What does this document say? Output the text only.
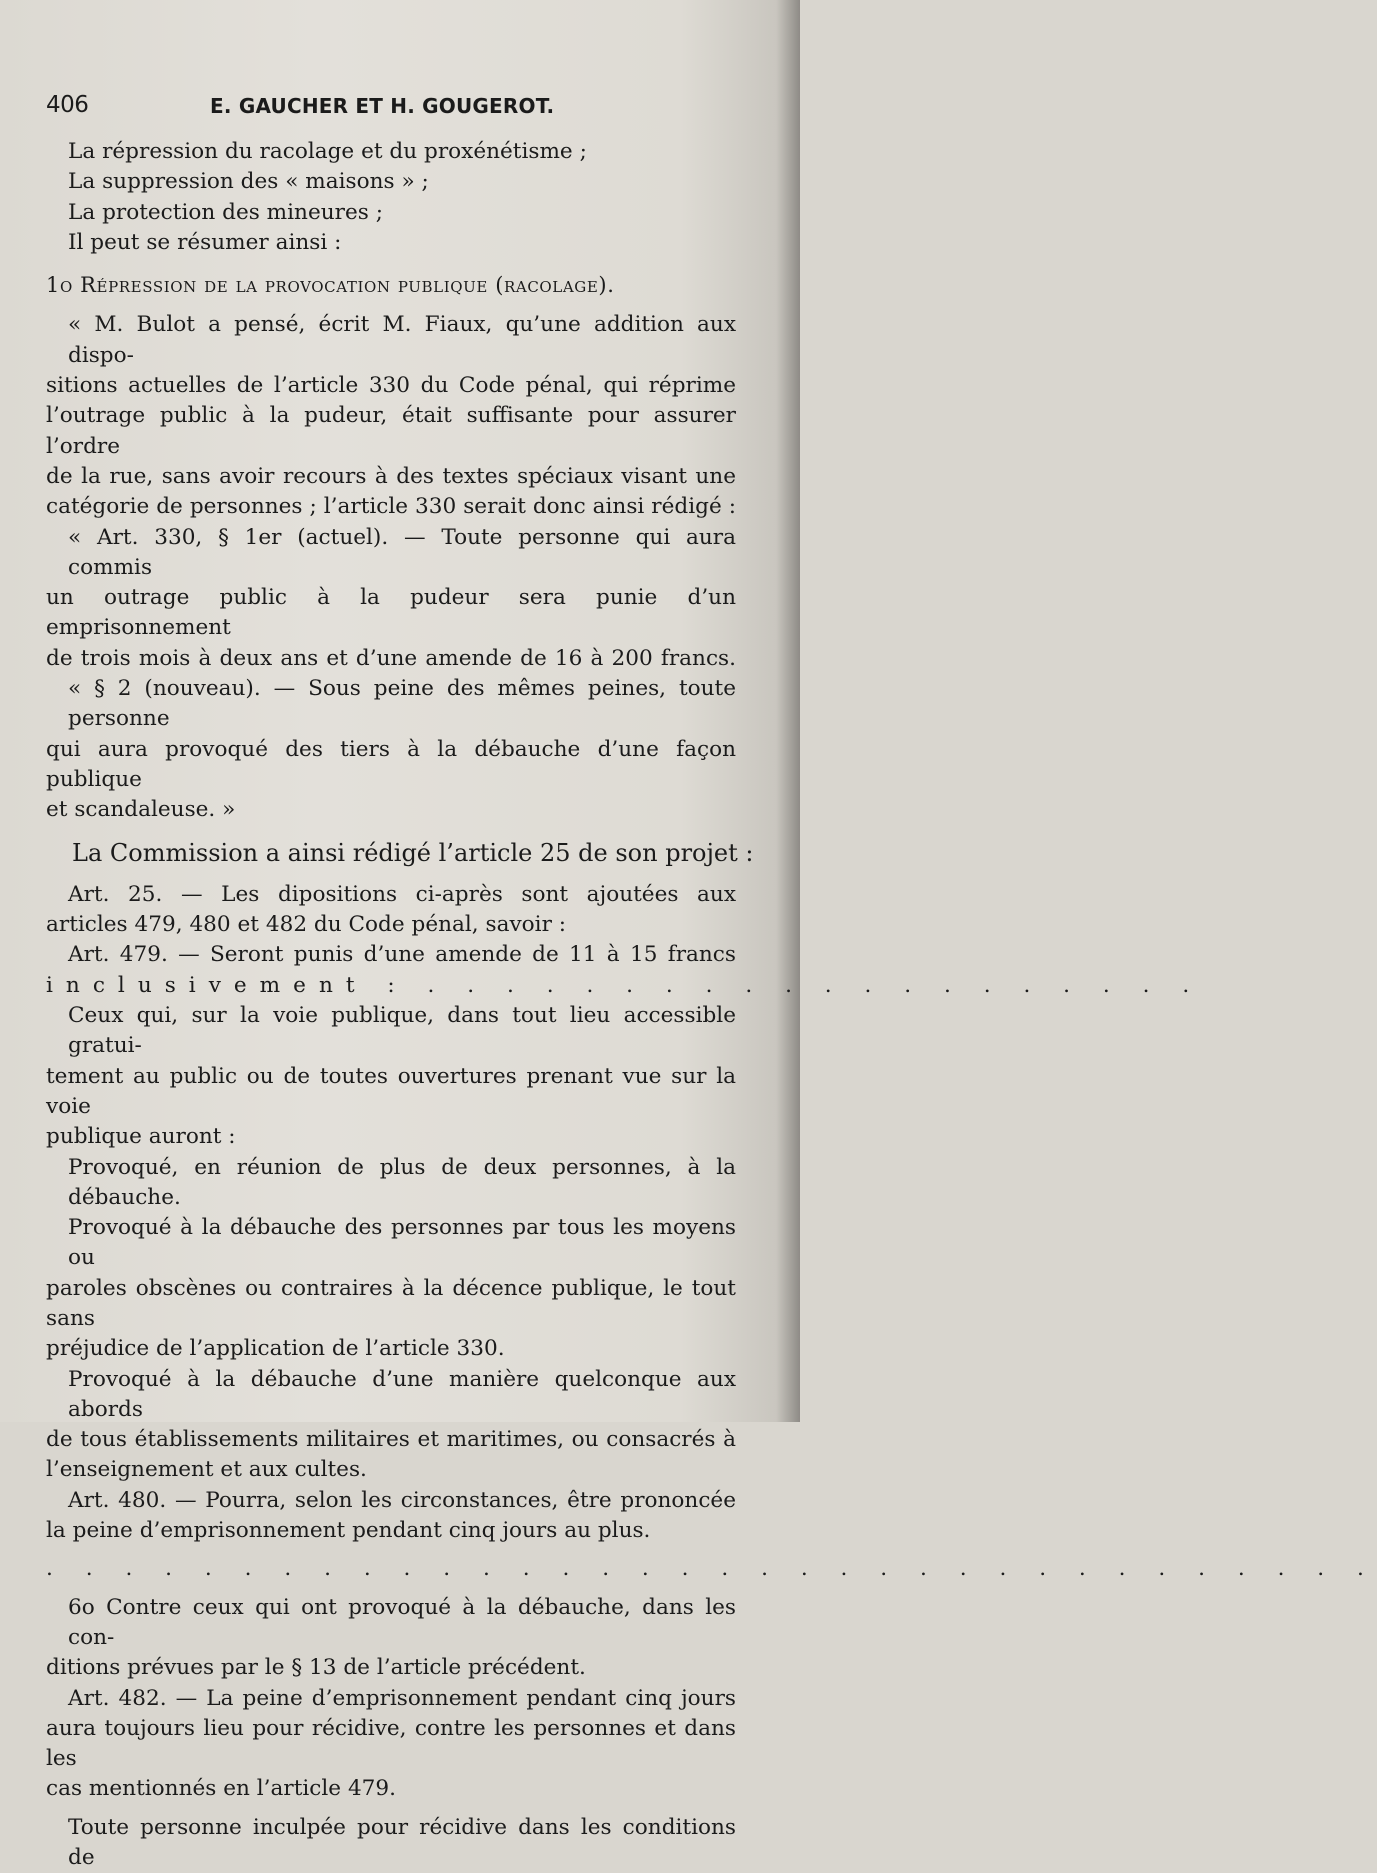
406	E. GAUCHER ET H. GOUGEROT.
La répression du racolage et du proxénétisme ;
La suppression des « maisons » ;
La protection des mineures ;
Il peut se résumer ainsi :
1o Répression de la provocation publique (racolage).
« M. Bulot a pensé, écrit M. Fiaux, qu’une addition aux dispo-
sitions actuelles de l’article 330 du Code pénal, qui réprime
l’outrage public à la pudeur, était suffisante pour assurer l’ordre
de la rue, sans avoir recours à des textes spéciaux visant une
catégorie de personnes ; l’article 330 serait donc ainsi rédigé :
« Art. 330, § 1er (actuel). — Toute personne qui aura commis
un outrage public à la pudeur sera punie d’un emprisonnement
de trois mois à deux ans et d’une amende de 16 à 200 francs.
« § 2 (nouveau). — Sous peine des mêmes peines, toute personne
qui aura provoqué des tiers à la débauche d’une façon publique
et scandaleuse. »
La Commission a ainsi rédigé l’article 25 de son projet :
Art. 25. — Les dipositions ci-après sont ajoutées aux
articles 479, 480 et 482 du Code pénal, savoir :
Art. 479. — Seront punis d’une amende de 11 à 15 francs
inclusivement : . . . . . . . . . . . . . . . . . . . .
Ceux qui, sur la voie publique, dans tout lieu accessible gratui-
tement au public ou de toutes ouvertures prenant vue sur la voie
publique auront :
Provoqué, en réunion de plus de deux personnes, à la débauche.
Provoqué à la débauche des personnes par tous les moyens ou
paroles obscènes ou contraires à la décence publique, le tout sans
préjudice de l’application de l’article 330.
Provoqué à la débauche d’une manière quelconque aux abords
de tous établissements militaires et maritimes, ou consacrés à
l’enseignement et aux cultes.
Art. 480. — Pourra, selon les circonstances, être prononcée
la peine d’emprisonnement pendant cinq jours au plus.
. . . . . . . . . . . . . . . . . . . . . . . . . . . . . . . . . .
6o Contre ceux qui ont provoqué à la débauche, dans les con-
ditions prévues par le § 13 de l’article précédent.
Art. 482. — La peine d’emprisonnement pendant cinq jours
aura toujours lieu pour récidive, contre les personnes et dans les
cas mentionnés en l’article 479.
Toute personne inculpée pour récidive dans les conditions de
